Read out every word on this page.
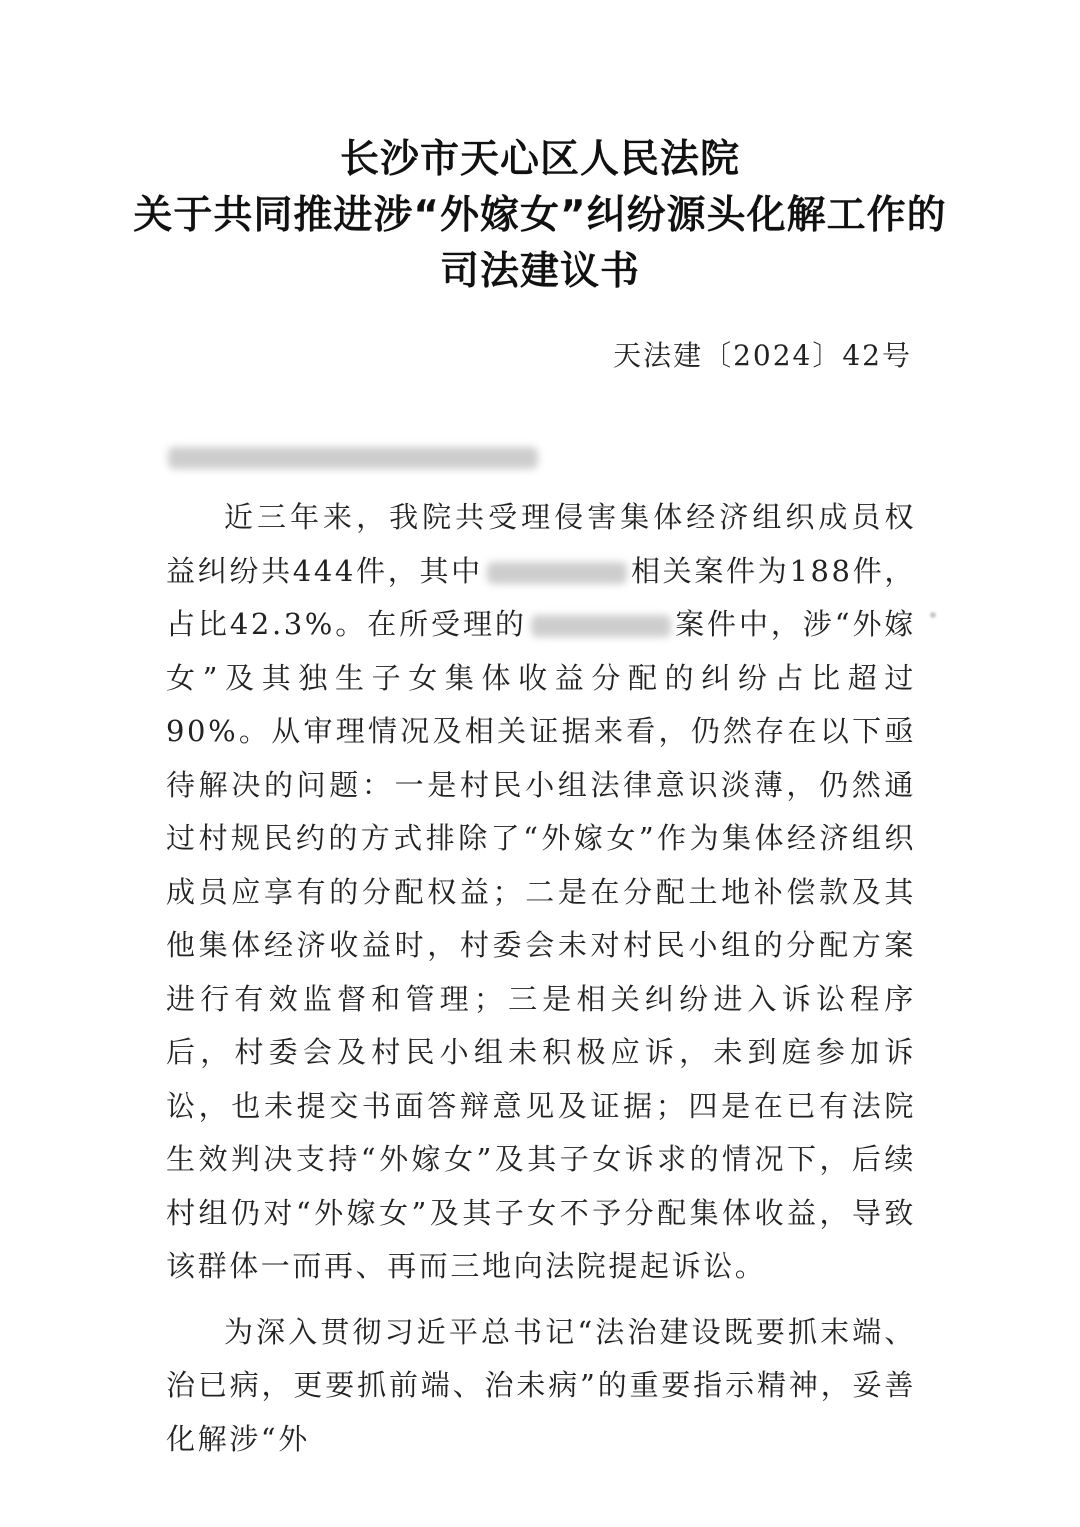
长沙市天心区人民法院
关于共同推进涉“外嫁女”纠纷源头化解工作的
司法建议书
天法建〔2024〕42号

近三年来，我院共受理侵害集体经济组织成员权益纠纷共444件，其中	相关案件为188件，占比42.3%。在所受理的	案件中，涉“外嫁女”及其独生子女集体收益分配的纠纷占比超过90%。从审理情况及相关证据来看，仍然存在以下亟待解决的问题：一是村民小组法律意识淡薄，仍然通过村规民约的方式排除了“外嫁女”作为集体经济组织成员应享有的分配权益；二是在分配土地补偿款及其他集体经济收益时，村委会未对村民小组的分配方案进行有效监督和管理；三是相关纠纷进入诉讼程序后，村委会及村民小组未积极应诉，未到庭参加诉讼，也未提交书面答辩意见及证据；四是在已有法院生效判决支持“外嫁女”及其子女诉求的情况下，后续村组仍对“外嫁女”及其子女不予分配集体收益，导致该群体一而再、再而三地向法院提起诉讼。

为深入贯彻习近平总书记“法治建设既要抓末端、治已病，更要抓前端、治未病”的重要指示精神，妥善化解涉“外
